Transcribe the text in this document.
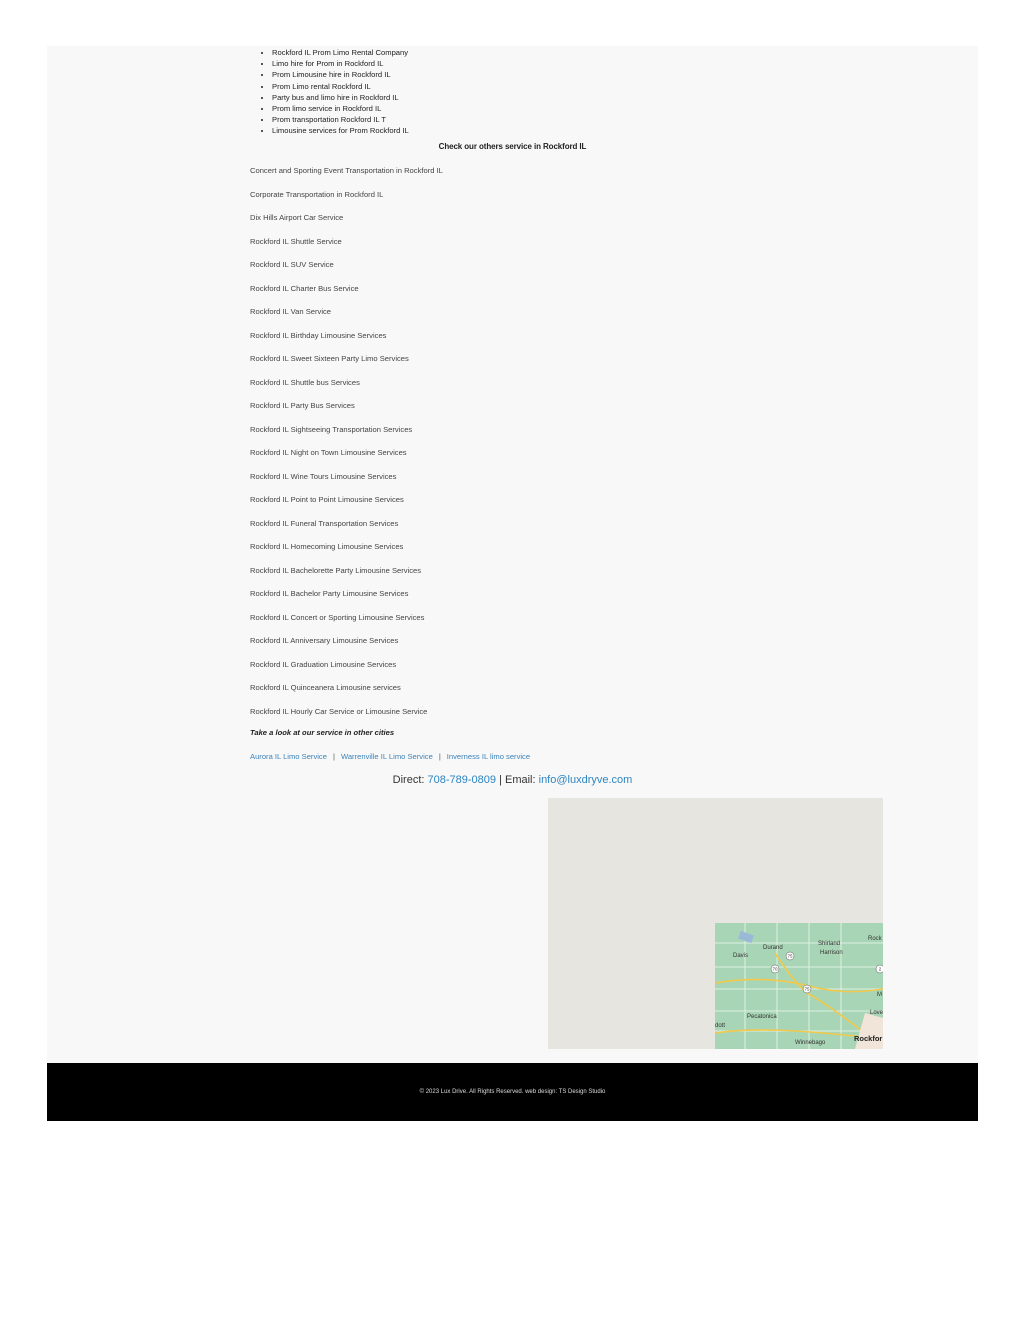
• Rockford IL Prom Limo Rental Company
• Limo hire for Prom in Rockford IL
• Prom Limousine hire in Rockford IL
• Prom Limo rental Rockford IL
• Party bus and limo hire in Rockford IL
• Prom limo service in Rockford IL
• Prom transportation Rockford IL T
• Limousine services for Prom Rockford IL
Check our others service in Rockford IL
Concert and Sporting Event Transportation in Rockford IL
Corporate Transportation in Rockford IL
Dix Hills Airport Car Service
Rockford IL Shuttle Service
Rockford IL SUV Service
Rockford IL Charter Bus Service
Rockford IL Van Service
Rockford IL Birthday Limousine Services
Rockford IL Sweet Sixteen Party Limo Services
Rockford IL Shuttle bus Services
Rockford IL Party Bus Services
Rockford IL Sightseeing Transportation Services
Rockford IL Night on Town Limousine Services
Rockford IL Wine Tours Limousine Services
Rockford IL Point to Point Limousine Services
Rockford IL Funeral Transportation Services
Rockford IL Homecoming Limousine Services
Rockford IL Bachelorette Party Limousine Services
Rockford IL Bachelor Party Limousine Services
Rockford IL Concert or Sporting Limousine Services
Rockford IL Anniversary Limousine Services
Rockford IL Graduation Limousine Services
Rockford IL Quinceanera Limousine services
Rockford IL Hourly Car Service or Limousine Service
Take a look at our service in other cities
Aurora IL Limo Service | Warrenville IL Limo Service | Inverness IL limo service
Direct: 708-789-0809 | Email: info@luxdryve.com
Durand
Shirland
Harrison
Davis
Pecatonica
Winnebago
Rock
M
Love
dott
Rockfor
75
70
75
2
© 2023 Lux Drive. All Rights Reserved. web design: TS Design Studio
